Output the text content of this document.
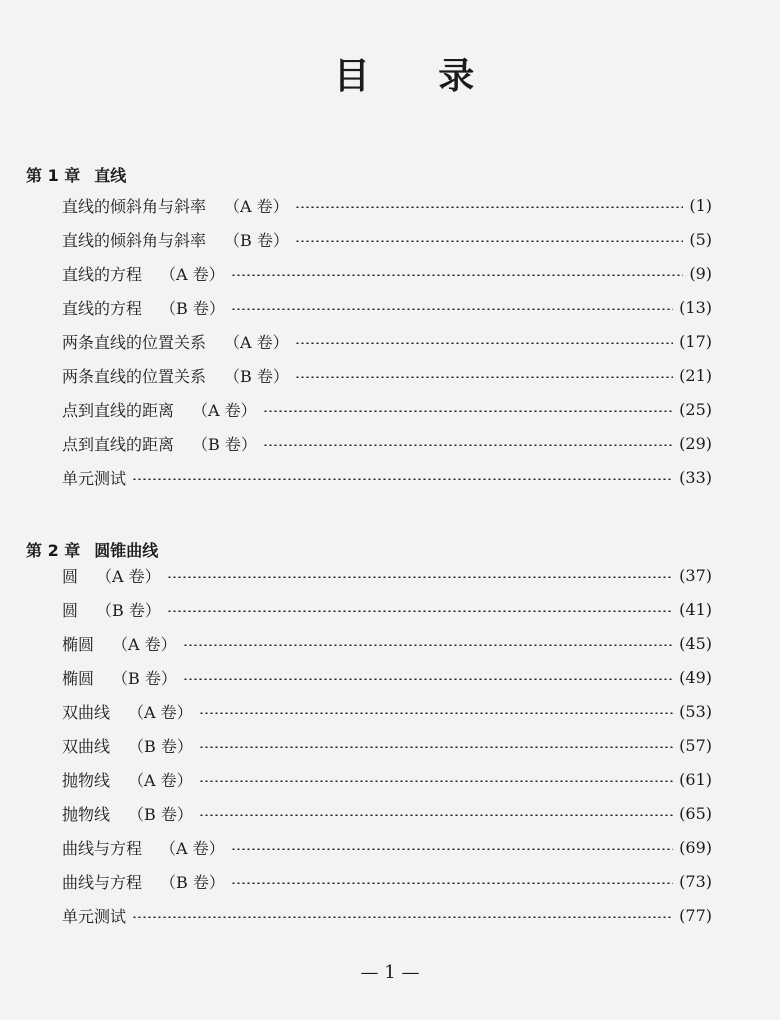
目 录
第 1 章 直线
直线的倾斜角与斜率 （A 卷）	(1)
直线的倾斜角与斜率 （B 卷）	(5)
直线的方程 （A 卷）	(9)
直线的方程 （B 卷）	(13)
两条直线的位置关系 （A 卷）	(17)
两条直线的位置关系 （B 卷）	(21)
点到直线的距离 （A 卷）	(25)
点到直线的距离 （B 卷）	(29)
单元测试	(33)
第 2 章 圆锥曲线
圆 （A 卷）	(37)
圆 （B 卷）	(41)
椭圆 （A 卷）	(45)
椭圆 （B 卷）	(49)
双曲线 （A 卷）	(53)
双曲线 （B 卷）	(57)
抛物线 （A 卷）	(61)
抛物线 （B 卷）	(65)
曲线与方程 （A 卷）	(69)
曲线与方程 （B 卷）	(73)
单元测试	(77)
— 1 —
